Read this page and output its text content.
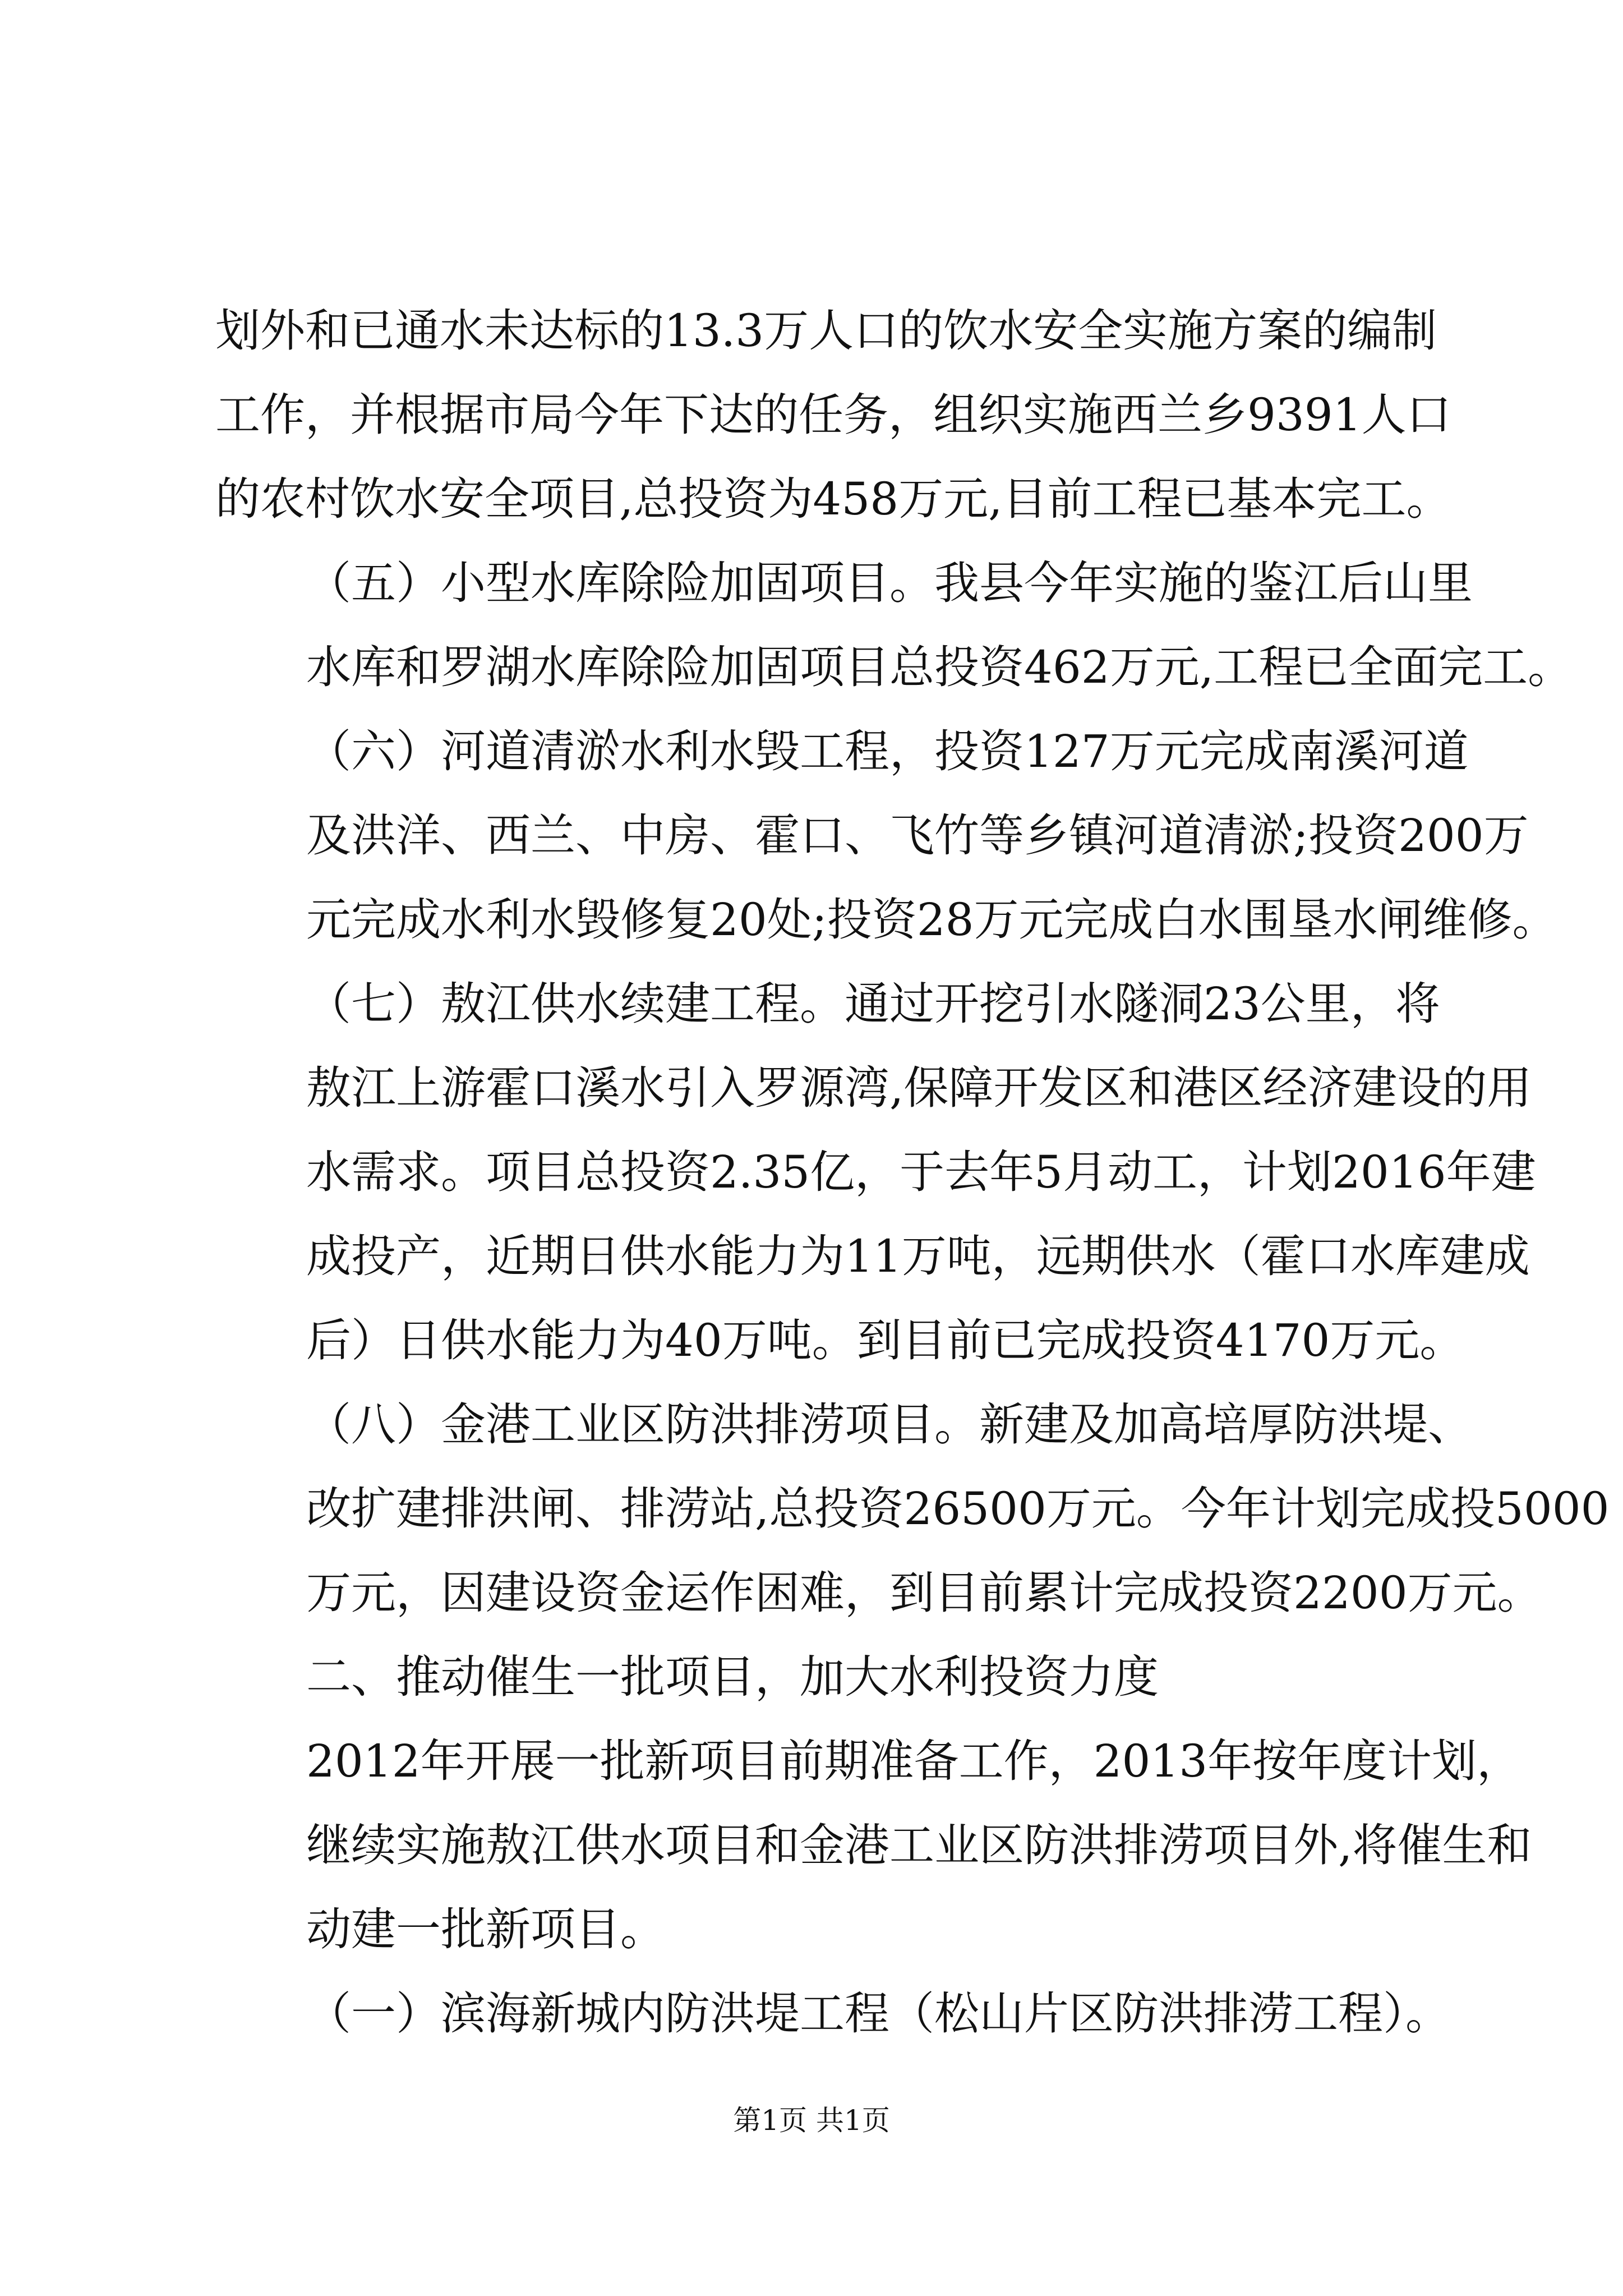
划外和已通水未达标的13.3万人口的饮水安全实施方案的编制
工作，并根据市局今年下达的任务，组织实施西兰乡9391人口
的农村饮水安全项目,总投资为458万元,目前工程已基本完工。

（五）小型水库除险加固项目。我县今年实施的鉴江后山里
水库和罗湖水库除险加固项目总投资462万元,工程已全面完工。

（六）河道清淤水利水毁工程，投资127万元完成南溪河道
及洪洋、西兰、中房、霍口、飞竹等乡镇河道清淤;投资200万
元完成水利水毁修复20处;投资28万元完成白水围垦水闸维修。

（七）敖江供水续建工程。通过开挖引水隧洞23公里，将
敖江上游霍口溪水引入罗源湾,保障开发区和港区经济建设的用
水需求。项目总投资2.35亿，于去年5月动工，计划2016年建
成投产，近期日供水能力为11万吨，远期供水（霍口水库建成
后）日供水能力为40万吨。到目前已完成投资4170万元。

（八）金港工业区防洪排涝项目。新建及加高培厚防洪堤、
改扩建排洪闸、排涝站,总投资26500万元。今年计划完成投5000
万元，因建设资金运作困难，到目前累计完成投资2200万元。

二、推动催生一批项目，加大水利投资力度

2012年开展一批新项目前期准备工作，2013年按年度计划，
继续实施敖江供水项目和金港工业区防洪排涝项目外,将催生和
动建一批新项目。

（一）滨海新城内防洪堤工程（松山片区防洪排涝工程）。

第1页 共1页
